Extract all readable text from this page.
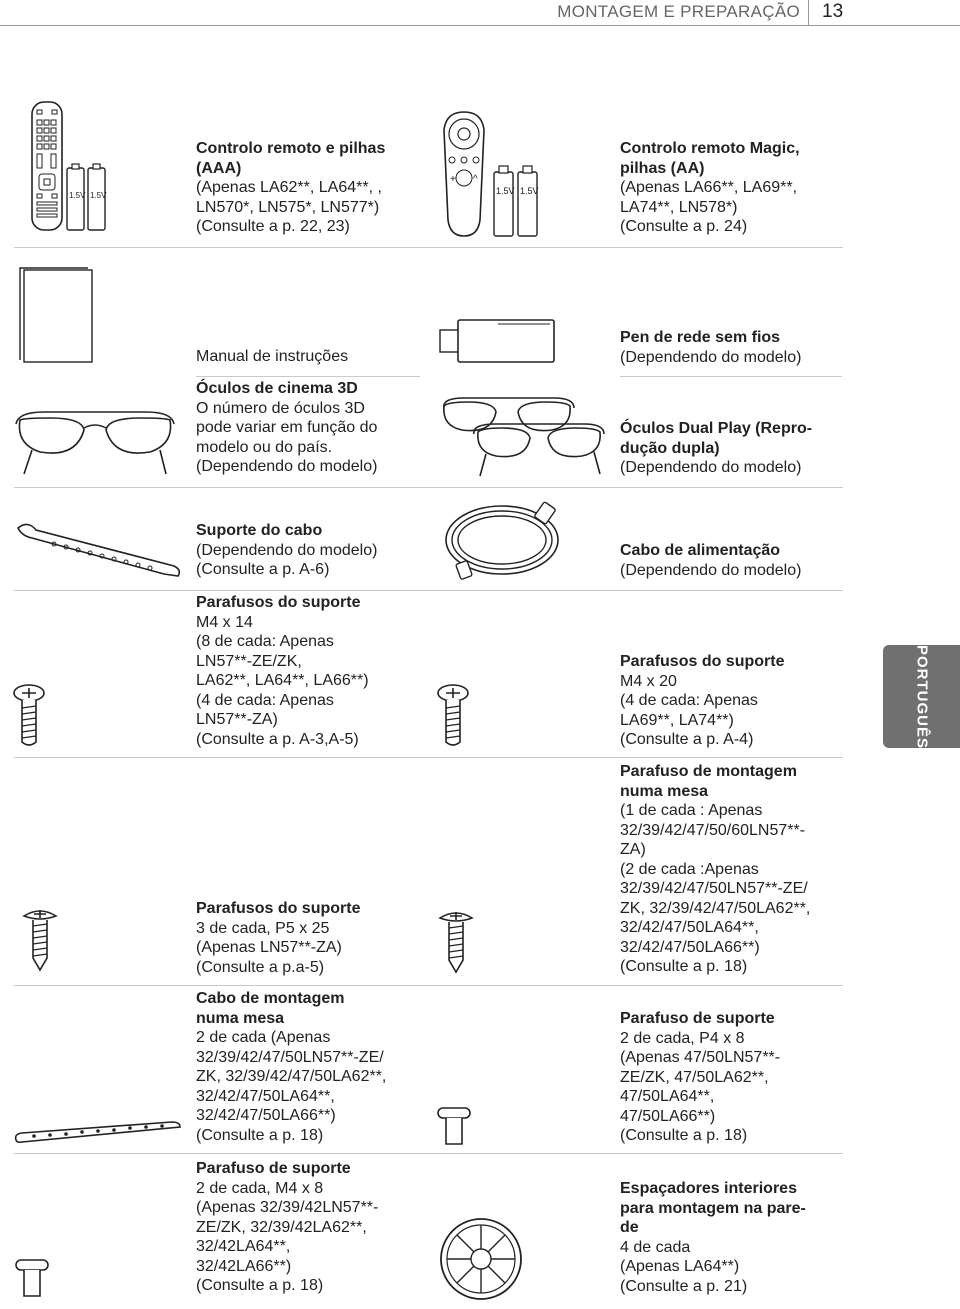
MONTAGEM E PREPARAÇÃO 13
PORTUGUÊS
1.5V 1.5V
Controlo remoto e pilhas
(AAA)
(Apenas LA62**, LA64**, ,
LN570*, LN575*, LN577*)
(Consulte a p. 22, 23)
+ ^
1.5V 1.5V
Controlo remoto Magic,
pilhas (AA)
(Apenas LA66**, LA69**,
LA74**, LN578*)
(Consulte a p. 24)
Manual de instruções
Pen de rede sem fios
(Dependendo do modelo)
Óculos de cinema 3D
O número de óculos 3D
pode variar em função do
modelo ou do país.
(Dependendo do modelo)
Óculos Dual Play (Repro-
dução dupla)
(Dependendo do modelo)
Suporte do cabo
(Dependendo do modelo)
(Consulte a p. A-6)
Cabo de alimentação
(Dependendo do modelo)
Parafusos do suporte
M4 x 14
(8 de cada: Apenas
LN57**-ZE/ZK,
LA62**, LA64**, LA66**)
(4 de cada: Apenas
LN57**-ZA)
(Consulte a p. A-3,A-5)
Parafusos do suporte
M4 x 20
(4 de cada: Apenas
LA69**, LA74**)
(Consulte a p. A-4)
Parafusos do suporte
3 de cada, P5 x 25
(Apenas LN57**-ZA)
(Consulte a p.a-5)
Parafuso de montagem
numa mesa
(1 de cada : Apenas
32/39/42/47/50/60LN57**-
ZA)
(2 de cada :Apenas
32/39/42/47/50LN57**-ZE/
ZK, 32/39/42/47/50LA62**,
32/42/47/50LA64**,
32/42/47/50LA66**)
(Consulte a p. 18)
Cabo de montagem
numa mesa
2 de cada (Apenas
32/39/42/47/50LN57**-ZE/
ZK, 32/39/42/47/50LA62**,
32/42/47/50LA64**,
32/42/47/50LA66**)
(Consulte a p. 18)
Parafuso de suporte
2 de cada, P4 x 8
(Apenas 47/50LN57**-
ZE/ZK, 47/50LA62**,
47/50LA64**,
47/50LA66**)
(Consulte a p. 18)
Parafuso de suporte
2 de cada, M4 x 8
(Apenas 32/39/42LN57**-
ZE/ZK, 32/39/42LA62**,
32/42LA64**,
32/42LA66**)
(Consulte a p. 18)
Espaçadores interiores
para montagem na pare-
de
4 de cada
(Apenas LA64**)
(Consulte a p. 21)
